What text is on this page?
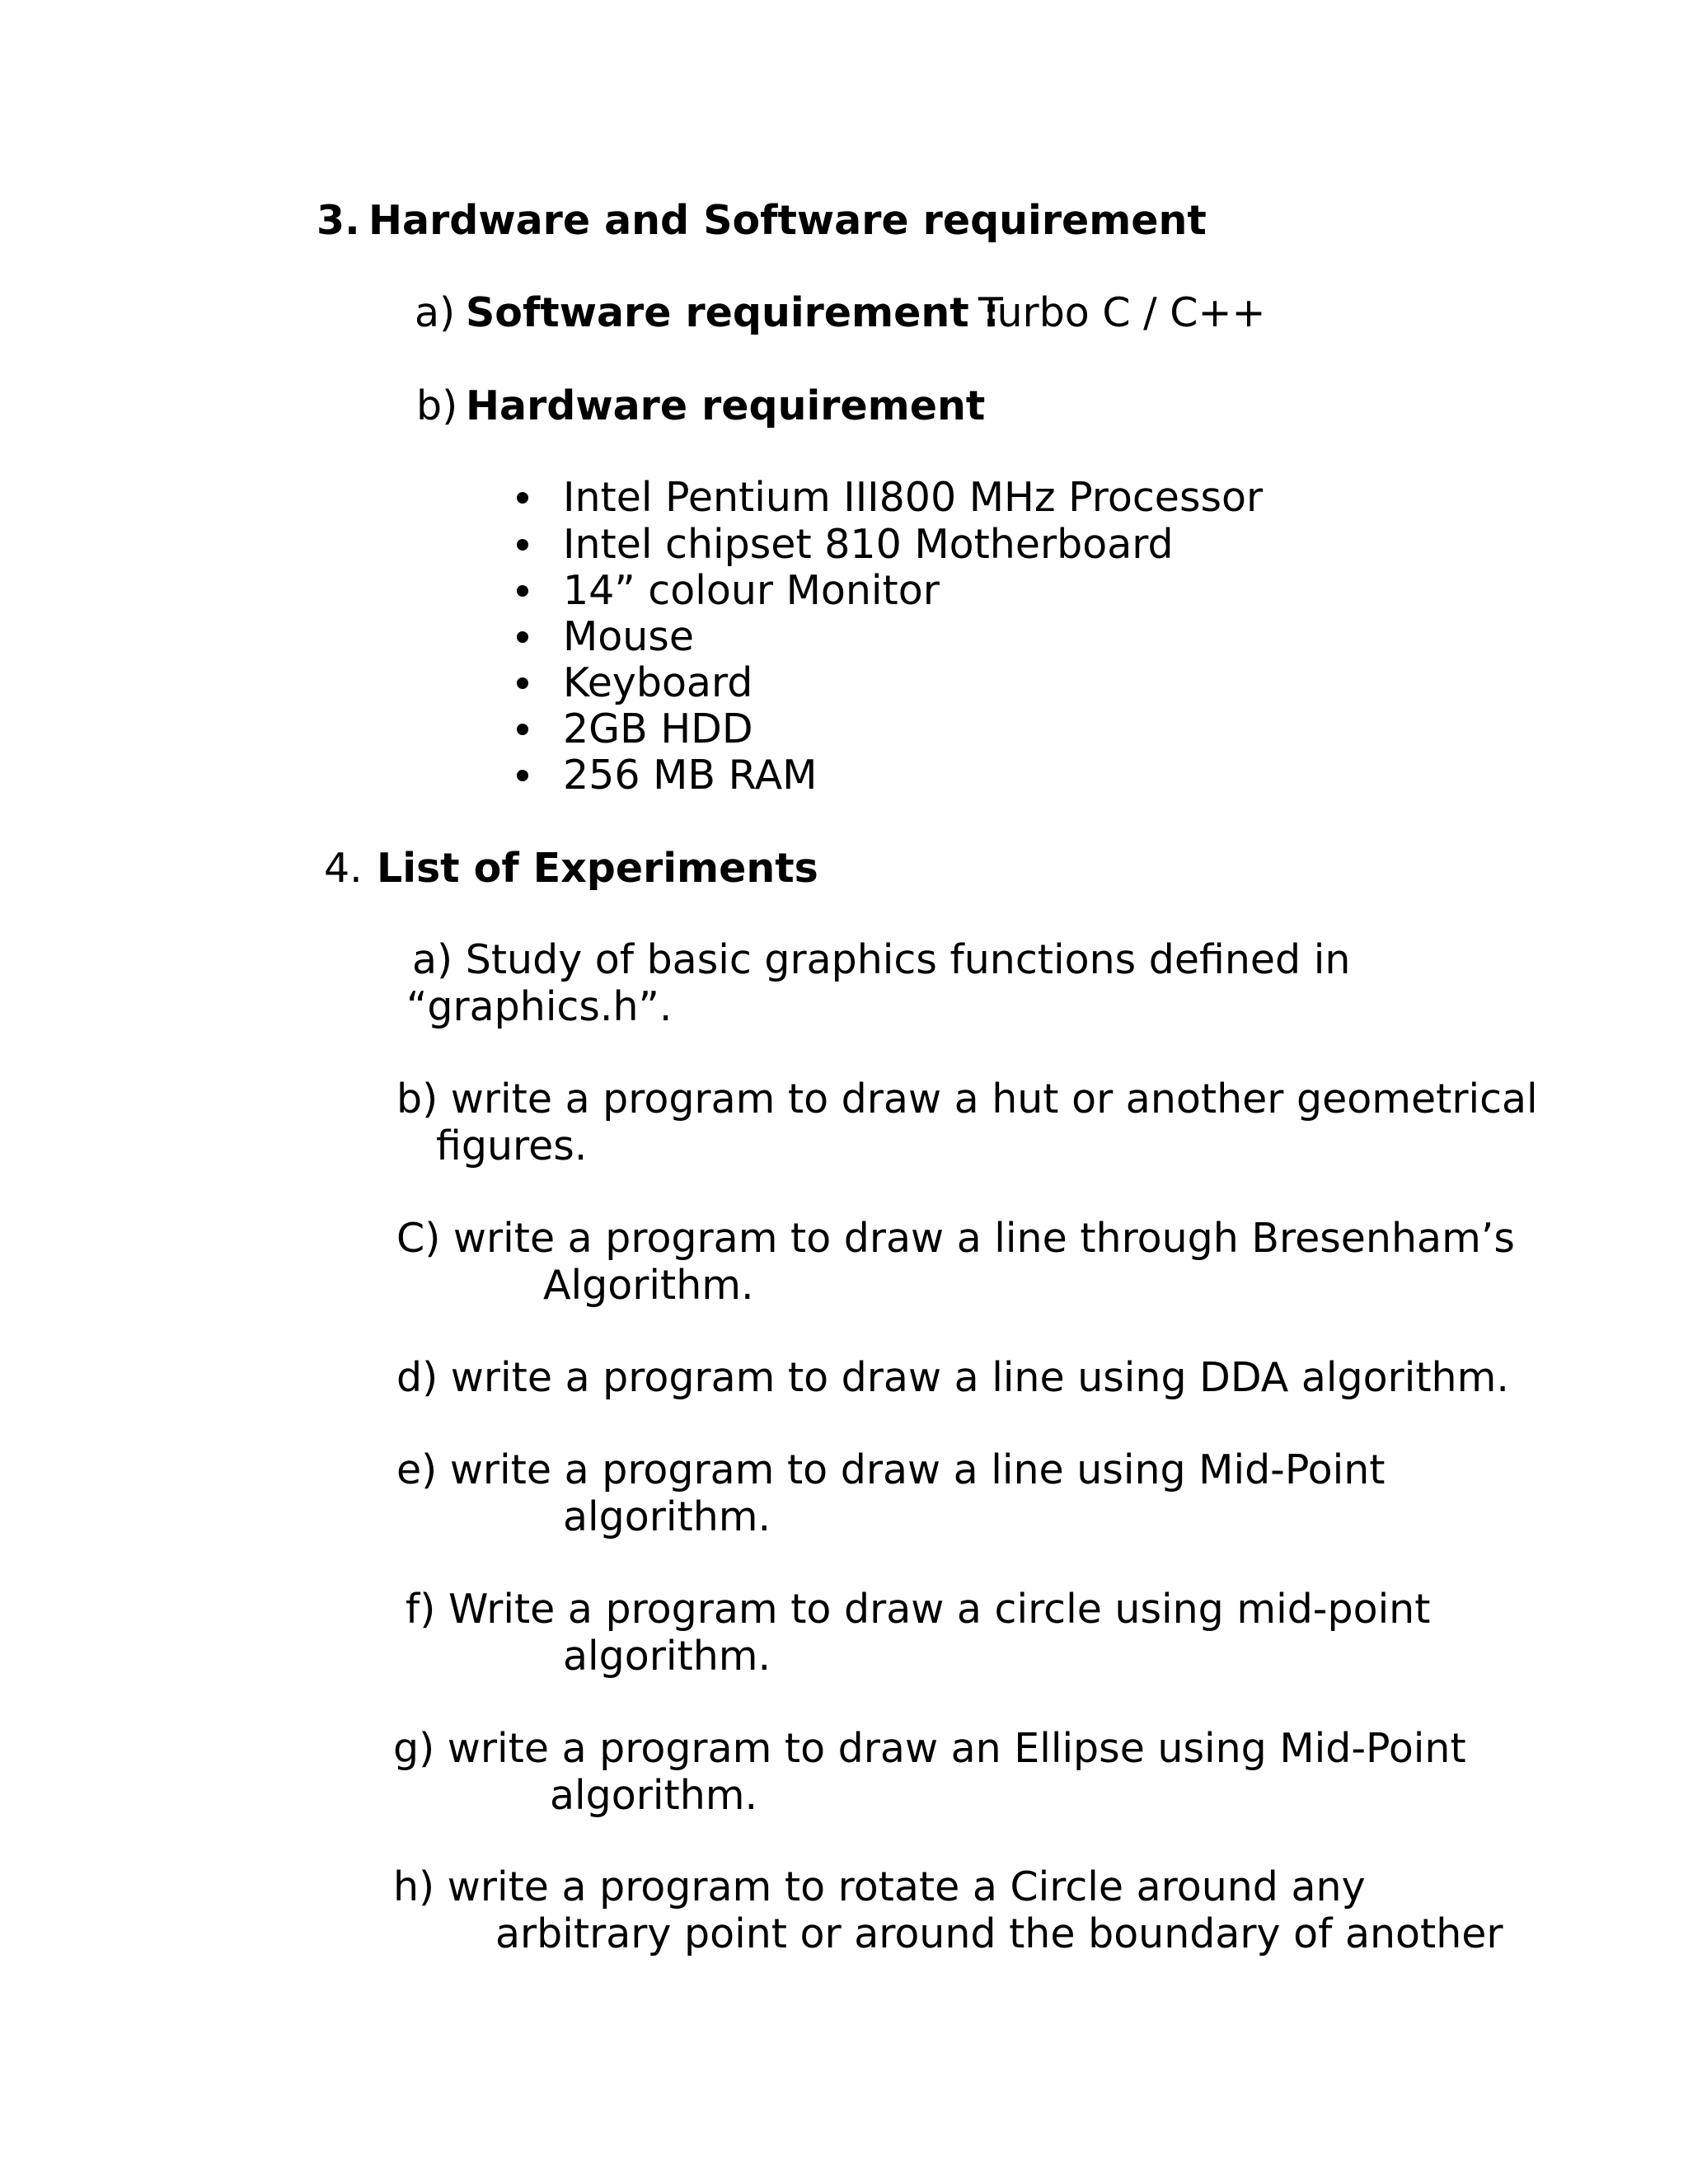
3. Hardware and Software requirement
a) Software requirement :
Turbo C / C++
b) Hardware requirement
Intel Pentium III800 MHz Processor
Intel chipset 810 Motherboard
14” colour Monitor
Mouse
Keyboard
2GB HDD
256 MB RAM
4. List of Experiments
a) Study of basic graphics functions defined in
“graphics.h”.
b) write a program to draw a hut or another geometrical
figures.
C) write a program to draw a line through Bresenham’s
Algorithm.
d) write a program to draw a line using DDA algorithm.
e) write a program to draw a line using Mid-Point
algorithm.
f) Write a program to draw a circle using mid-point
algorithm.
g) write a program to draw an Ellipse using Mid-Point
algorithm.
h) write a program to rotate a Circle around any
arbitrary point or around the boundary of another
